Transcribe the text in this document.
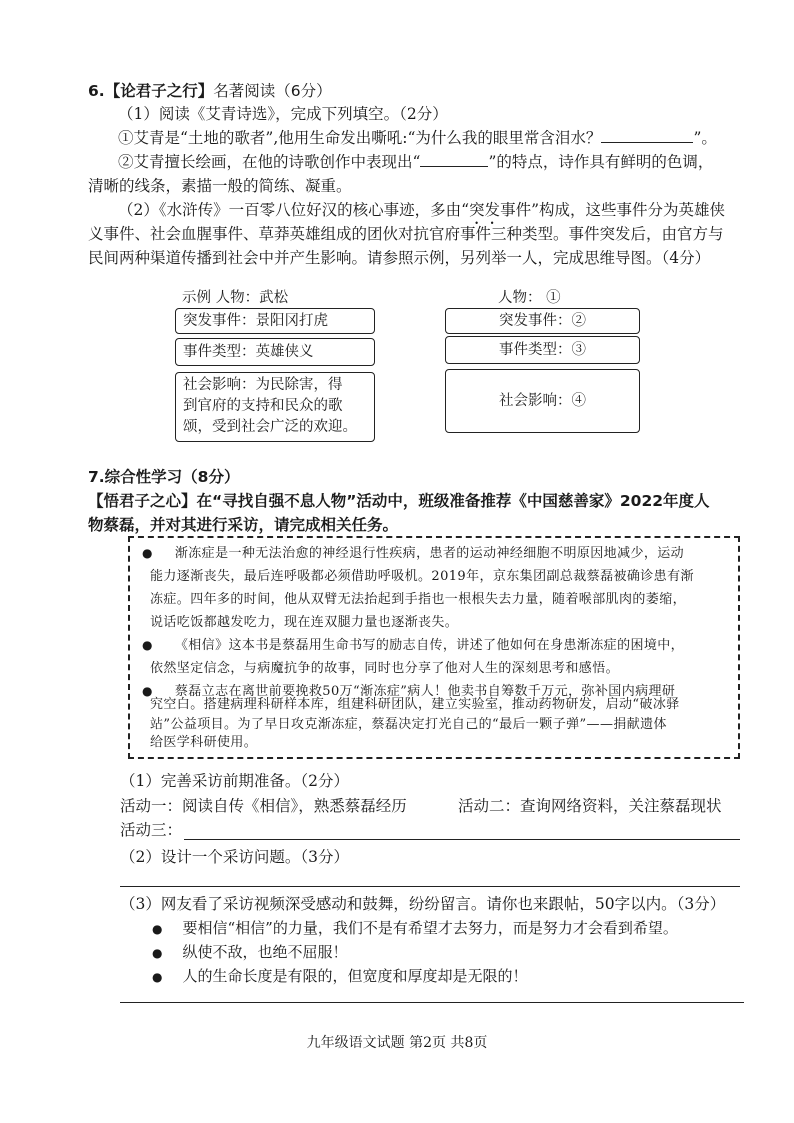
6.【论君子之行】名著阅读（6分）
（1）阅读《艾青诗选》，完成下列填空。（2分）
①艾青是“土地的歌者”,他用生命发出嘶吼:“为什么我的眼里常含泪水？	”。
②艾青擅长绘画，在他的诗歌创作中表现出“	”的特点，诗作具有鲜明的色调，
清晰的线条，素描一般的简练、凝重。
（2）《水浒传》一百零八位好汉的核心事迹，多由“突发事件”构成，这些事件分为英雄侠
义事件、社会血腥事件、草莽英雄组成的团伙对抗官府事件三种类型。事件突发后，由官方与
民间两种渠道传播到社会中并产生影响。请参照示例，另列举一人，完成思维导图。（4分）
示例 人物：武松
突发事件：景阳冈打虎
事件类型：英雄侠义
社会影响：为民除害，得
到官府的支持和民众的歌
颂，受到社会广泛的欢迎。
人物： ①
突发事件：②
事件类型：③
社会影响：④
7.综合性学习（8分）
【悟君子之心】在“寻找自强不息人物”活动中，班级准备推荐《中国慈善家》2022年度人
物蔡磊，并对其进行采访，请完成相关任务。
● 渐冻症是一种无法治愈的神经退行性疾病，患者的运动神经细胞不明原因地减少，运动
能力逐渐丧失，最后连呼吸都必须借助呼吸机。2019年，京东集团副总裁蔡磊被确诊患有渐
冻症。四年多的时间，他从双臂无法抬起到手指也一根根失去力量，随着喉部肌肉的萎缩，
说话吃饭都越发吃力，现在连双腿力量也逐渐丧失。
● 《相信》这本书是蔡磊用生命书写的励志自传，讲述了他如何在身患渐冻症的困境中，
依然坚定信念，与病魔抗争的故事，同时也分享了他对人生的深刻思考和感悟。
● 蔡磊立志在离世前要挽救50万“渐冻症”病人！他卖书自筹数千万元，弥补国内病理研
究空白。搭建病理科研样本库，组建科研团队，建立实验室，推动药物研发，启动“破冰驿
站”公益项目。为了早日攻克渐冻症，蔡磊决定打光自己的“最后一颗子弹”——捐献遗体
（1）完善采访前期准备。（2分）
活动一：阅读自传《相信》，熟悉蔡磊经历	活动二：查询网络资料，关注蔡磊现状
活动三：
（2）设计一个采访问题。（3分）
（3）网友看了采访视频深受感动和鼓舞，纷纷留言。请你也来跟帖，50字以内。（3分）
● 要相信“相信”的力量，我们不是有希望才去努力，而是努力才会看到希望。
● 纵使不敌，也绝不屈服！
● 人的生命长度是有限的，但宽度和厚度却是无限的！
九年级语文试题 第2页 共8页
给医学科研使用。
